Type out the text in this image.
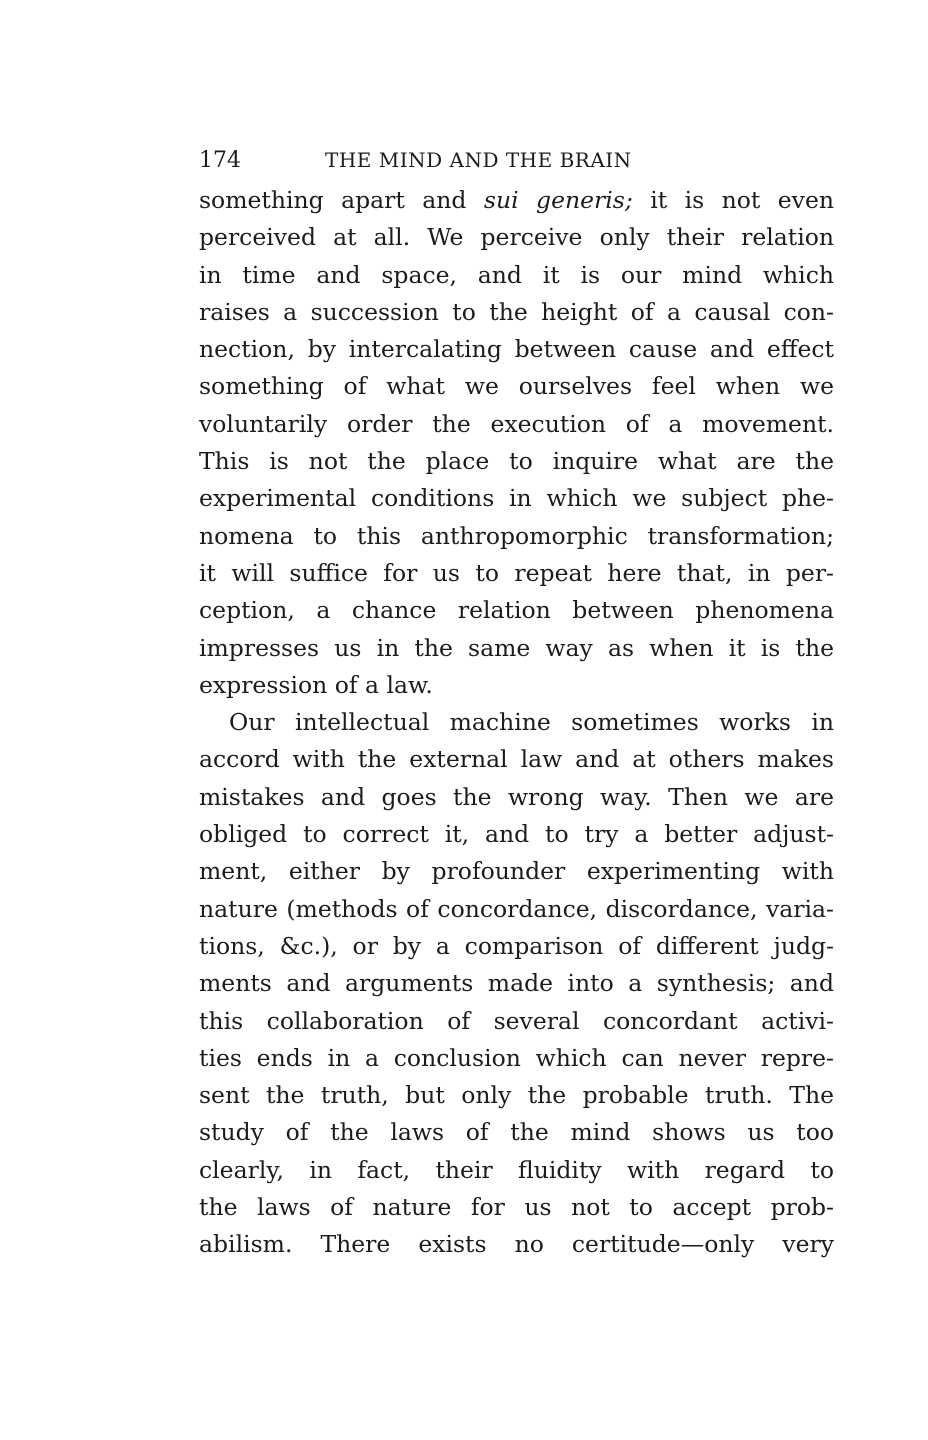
174	THE MIND AND THE BRAIN

something apart and sui generis; it is not even
perceived at all. We perceive only their relation
in time and space, and it is our mind which
raises a succession to the height of a causal con-
nection, by intercalating between cause and effect
something of what we ourselves feel when we
voluntarily order the execution of a movement.
This is not the place to inquire what are the
experimental conditions in which we subject phe-
nomena to this anthropomorphic transformation;
it will suffice for us to repeat here that, in per-
ception, a chance relation between phenomena
impresses us in the same way as when it is the
expression of a law.

Our intellectual machine sometimes works in
accord with the external law and at others makes
mistakes and goes the wrong way. Then we are
obliged to correct it, and to try a better adjust-
ment, either by profounder experimenting with
nature (methods of concordance, discordance, varia-
tions, &c.), or by a comparison of different judg-
ments and arguments made into a synthesis; and
this collaboration of several concordant activi-
ties ends in a conclusion which can never repre-
sent the truth, but only the probable truth. The
study of the laws of the mind shows us too
clearly, in fact, their fluidity with regard to
the laws of nature for us not to accept prob-
abilism. There exists no certitude—only very
